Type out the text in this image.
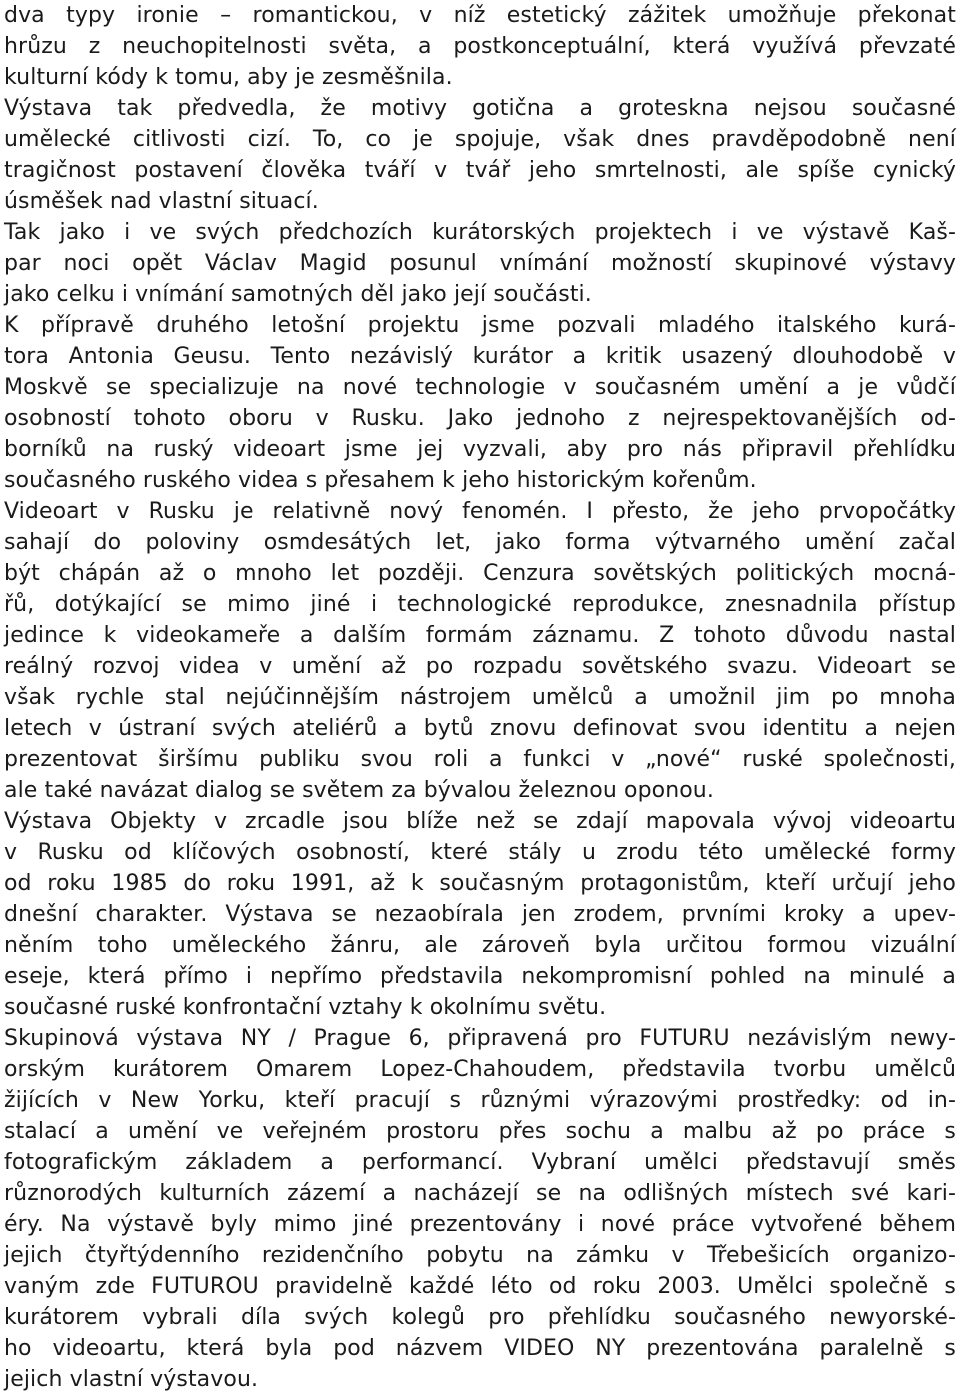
dva typy ironie – romantickou, v níž estetický zážitek umožňuje překonat
hrůzu z neuchopitelnosti světa, a postkonceptuální, která využívá převzaté
kulturní kódy k tomu, aby je zesměšnila.
Výstava tak předvedla, že motivy gotična a groteskna nejsou současné
umělecké citlivosti cizí. To, co je spojuje, však dnes pravděpodobně není
tragičnost postavení člověka tváří v tvář jeho smrtelnosti, ale spíše cynický
úsměšek nad vlastní situací.
Tak jako i ve svých předchozích kurátorských projektech i ve výstavě Kaš-
par noci opět Václav Magid posunul vnímání možností skupinové výstavy
jako celku i vnímání samotných děl jako její součásti.
K přípravě druhého letošní projektu jsme pozvali mladého italského kurá-
tora Antonia Geusu. Tento nezávislý kurátor a kritik usazený dlouhodobě v
Moskvě se specializuje na nové technologie v současném umění a je vůdčí
osobností tohoto oboru v Rusku. Jako jednoho z nejrespektovanějších od-
borníků na ruský videoart jsme jej vyzvali, aby pro nás připravil přehlídku
současného ruského videa s přesahem k jeho historickým kořenům.
Videoart v Rusku je relativně nový fenomén. I přesto, že jeho prvopočátky
sahají do poloviny osmdesátých let, jako forma výtvarného umění začal
být chápán až o mnoho let později. Cenzura sovětských politických mocná-
řů, dotýkající se mimo jiné i technologické reprodukce, znesnadnila přístup
jedince k videokameře a dalším formám záznamu. Z tohoto důvodu nastal
reálný rozvoj videa v umění až po rozpadu sovětského svazu. Videoart se
však rychle stal nejúčinnějším nástrojem umělců a umožnil jim po mnoha
letech v ústraní svých ateliérů a bytů znovu definovat svou identitu a nejen
prezentovat širšímu publiku svou roli a funkci v „nové“ ruské společnosti,
ale také navázat dialog se světem za bývalou železnou oponou.
Výstava Objekty v zrcadle jsou blíže než se zdají mapovala vývoj videoartu
v Rusku od klíčových osobností, které stály u zrodu této umělecké formy
od roku 1985 do roku 1991, až k současným protagonistům, kteří určují jeho
dnešní charakter. Výstava se nezaobírala jen zrodem, prvními kroky a upev-
něním toho uměleckého žánru, ale zároveň byla určitou formou vizuální
eseje, která přímo i nepřímo představila nekompromisní pohled na minulé a
současné ruské konfrontační vztahy k okolnímu světu.
Skupinová výstava NY / Prague 6, připravená pro FUTURU nezávislým newy-
orským kurátorem Omarem Lopez-Chahoudem, představila tvorbu umělců
žijících v New Yorku, kteří pracují s různými výrazovými prostředky: od in-
stalací a umění ve veřejném prostoru přes sochu a malbu až po práce s
fotografickým základem a performancí. Vybraní umělci představují směs
různorodých kulturních zázemí a nacházejí se na odlišných místech své kari-
éry. Na výstavě byly mimo jiné prezentovány i nové práce vytvořené během
jejich čtyřtýdenního rezidenčního pobytu na zámku v Třebešicích organizo-
vaným zde FUTUROU pravidelně každé léto od roku 2003. Umělci společně s
kurátorem vybrali díla svých kolegů pro přehlídku současného newyorské-
ho videoartu, která byla pod názvem VIDEO NY prezentována paralelně s
jejich vlastní výstavou.
